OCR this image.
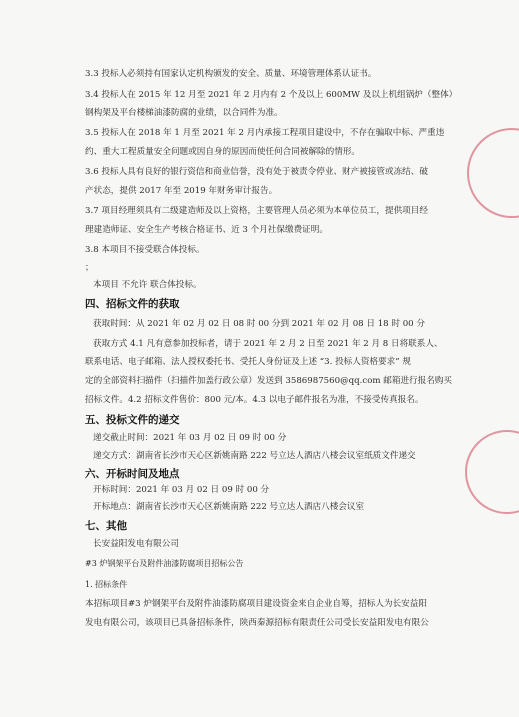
3.3 投标人必须持有国家认定机构颁发的安全、质量、环境管理体系认证书。
3.4 投标人在 2015 年 12 月至 2021 年 2 月内有 2 个及以上 600MW 及以上机组锅炉（整体）
钢构架及平台楼梯油漆防腐的业绩，以合同件为准。
3.5 投标人在 2018 年 1 月至 2021 年 2 月内承接工程项目建设中，不存在骗取中标、严重违
约、重大工程质量安全问题或因自身的原因而使任何合同被解除的情形。
3.6 投标人具有良好的银行资信和商业信誉，没有处于被责令停业、财产被接管或冻结、破
产状态，提供 2017 年至 2019 年财务审计报告。
3.7 项目经理须具有二级建造师及以上资格，主要管理人员必须为本单位员工，提供项目经
理建造师证、安全生产考核合格证书、近 3 个月社保缴费证明。
3.8 本项目不接受联合体投标。
；
本项目 不允许 联合体投标。
四、招标文件的获取
获取时间：从 2021 年 02 月 02 日 08 时 00 分到 2021 年 02 月 08 日 18 时 00 分
获取方式 4.1 凡有意参加投标者，请于 2021 年 2 月 2 日至 2021 年 2 月 8 日将联系人、
联系电话、电子邮箱、法人授权委托书、受托人身份证及上述 “3. 投标人资格要求” 规
定的全部资料扫描件（扫描件加盖行政公章）发送到 3586987560@qq.com 邮箱进行报名购买
招标文件。4.2 招标文件售价：800 元/本。4.3 以电子邮件报名为准，不接受传真报名。
五、投标文件的递交
递交截止时间：2021 年 03 月 02 日 09 时 00 分
递交方式：湖南省长沙市天心区新姚南路 222 号立达人酒店八楼会议室纸质文件递交
六、开标时间及地点
开标时间：2021 年 03 月 02 日 09 时 00 分
开标地点：湖南省长沙市天心区新姚南路 222 号立达人酒店八楼会议室
七、其他
长安益阳发电有限公司
#3 炉钢架平台及附件油漆防腐项目招标公告
1. 招标条件
本招标项目#3 炉钢架平台及附件油漆防腐项目建设资金来自企业自筹，招标人为长安益阳
发电有限公司，该项目已具备招标条件，陕西秦源招标有限责任公司受长安益阳发电有限公
